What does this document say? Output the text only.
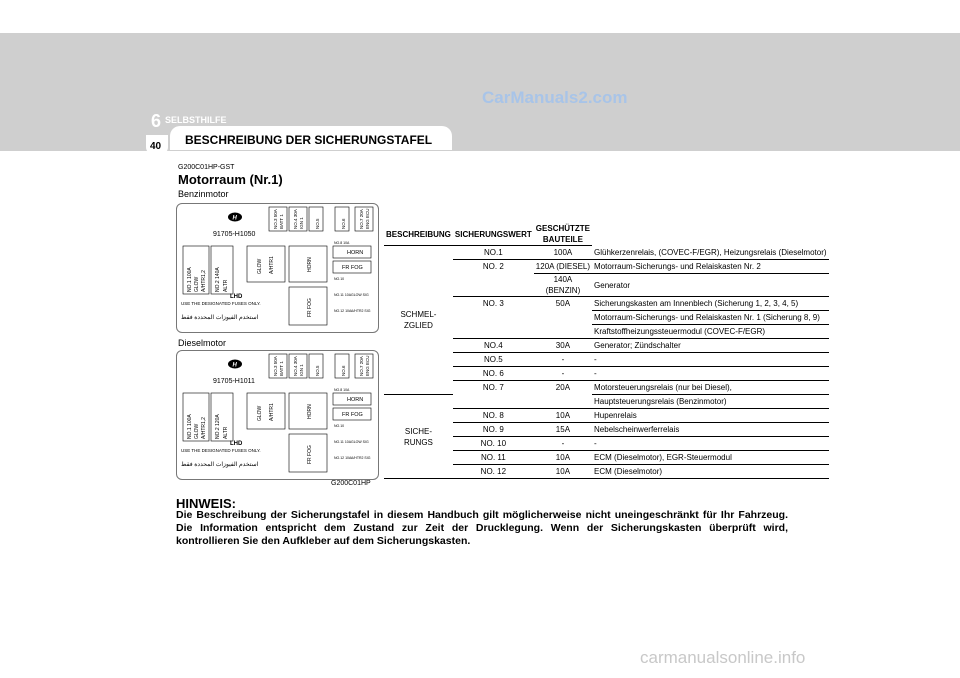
CarManuals2.com
6 SELBSTHILFE
40 BESCHREIBUNG DER SICHERUNGSTAFEL
G200C01HP-GST
Motorraum (Nr.1)
Benzinmotor
H
91705-H1050
NO.3 50A BATT 1 NO.4 30A IGN 1 NO.5	NO.6	NO.7 20A ENG ECU
NO.1 100A GLOW A/HTR1,2 NO.2 140A ALTR
GLOW A/HTR1	HORN
FR FOG
HORN
FR FOG
NO.8 10A
NO.10
NO.11 10A GLOW SIG
NO.12 10A A/HTR2 SIG
LHD
USE THE DESIGNATED FUSES ONLY.
استخدم الفيوزات المحددة فقط
Dieselmotor
H
91705-H1011
NO.3 50A BATT 1 NO.4 30A IGN 1 NO.5	NO.6	NO.7 20A ENG ECU
NO.1 100A GLOW A/HTR1,2 NO.2 120A ALTR
GLOW A/HTR1	HORN
FR FOG
HORN
FR FOG
NO.8 10A
NO.10
NO.11 10A GLOW SIG
NO.12 10A A/HTR2 SIG
LHD
USE THE DESIGNATED FUSES ONLY.
استخدم الفيوزات المحددة فقط
G200C01HP
BESCHREIBUNG	SICHERUNGSWERT	GESCHÜTZTE BAUTEILE	
SCHMEL-
ZGLIED	NO.1	100A	Glühkerzenrelais, (COVEC-F/EGR), Heizungsrelais (Dieselmotor)
	NO. 2	120A (DIESEL)	Motorraum-Sicherungs- und Relaiskasten Nr. 2
		140A (BENZIN)	Generator
	NO. 3	50A	Sicherungskasten am Innenblech (Sicherung 1, 2, 3, 4, 5)
			Motorraum-Sicherungs- und Relaiskasten Nr. 1 (Sicherung 8, 9)
			Kraftstoffheizungssteuermodul (COVEC-F/EGR)
	NO.4	30A	Generator; Zündschalter
	NO.5	-	-
	NO. 6	-	-
	NO. 7	20A	Motorsteuerungsrelais (nur bei Diesel),
SICHE-
RUNGS			Hauptsteuerungsrelais (Benzinmotor)
	NO. 8	10A	Hupenrelais
	NO. 9	15A	Nebelscheinwerferrelais
	NO. 10	-	-
	NO. 11	10A	ECM (Dieselmotor), EGR-Steuermodul
	NO. 12	10A	ECM (Dieselmotor)
HINWEIS:
Die Beschreibung der Sicherungstafel in diesem Handbuch gilt möglicherweise nicht uneingeschränkt für Ihr Fahrzeug. Die Information entspricht dem Zustand zur Zeit der Drucklegung. Wenn der Sicherungskasten überprüft wird, kontrollieren Sie den Aufkleber auf dem Sicherungskasten.
carmanualsonline.info
